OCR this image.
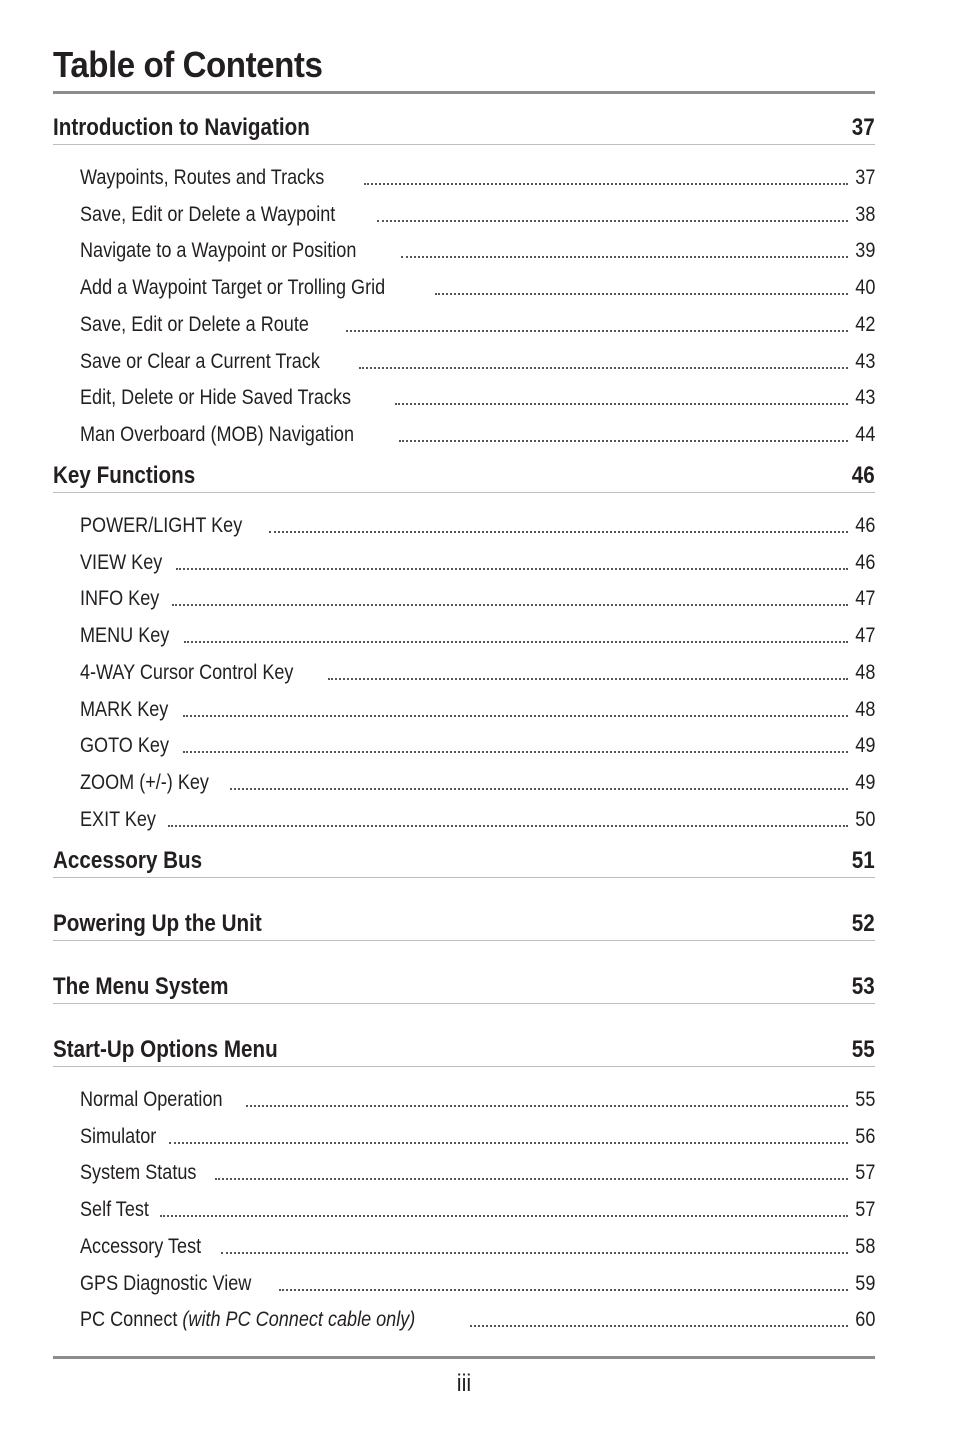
Table of Contents
Introduction to Navigation	37
Waypoints, Routes and Tracks	37
Save, Edit or Delete a Waypoint	38
Navigate to a Waypoint or Position	39
Add a Waypoint Target or Trolling Grid	40
Save, Edit or Delete a Route	42
Save or Clear a Current Track	43
Edit, Delete or Hide Saved Tracks	43
Man Overboard (MOB) Navigation	44
Key Functions	46
POWER/LIGHT Key	46
VIEW Key	46
INFO Key	47
MENU Key	47
4-WAY Cursor Control Key	48
MARK Key	48
GOTO Key	49
ZOOM (+/-) Key	49
EXIT Key	50
Accessory Bus	51
Powering Up the Unit	52
The Menu System	53
Start-Up Options Menu	55
Normal Operation	55
Simulator	56
System Status	57
Self Test	57
Accessory Test	58
GPS Diagnostic View	59
PC Connect (with PC Connect cable only)	60
iii
